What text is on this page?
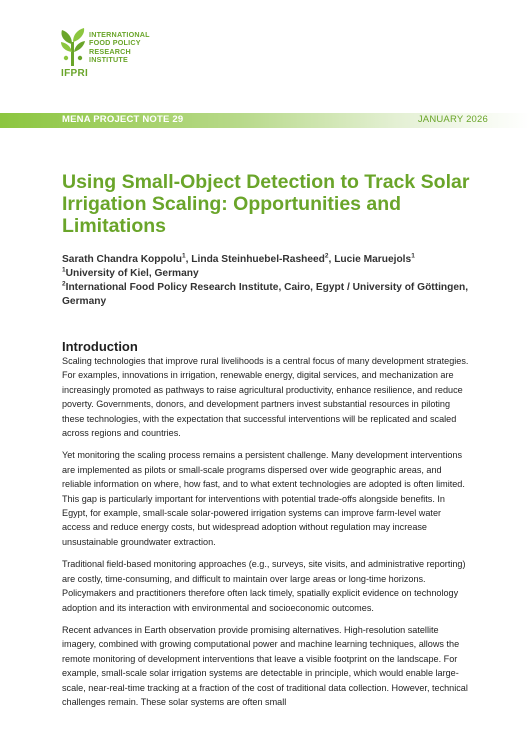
INTERNATIONAL
FOOD POLICY
RESEARCH
INSTITUTE
IFPRI
MENA PROJECT NOTE 29	JANUARY 2026
Using Small-Object Detection to Track Solar Irrigation Scaling: Opportunities and Limitations
Sarath Chandra Koppolu$^1$, Linda Steinhuebel-Rasheed$^2$, Lucie Maruejols$^1$
$^1$University of Kiel, Germany
$^2$International Food Policy Research Institute, Cairo, Egypt / University of Göttingen, Germany
Introduction

Scaling technologies that improve rural livelihoods is a central focus of many development strategies. For examples, innovations in irrigation, renewable energy, digital services, and mechanization are increasingly promoted as pathways to raise agricultural productivity, enhance resilience, and reduce poverty. Governments, donors, and development partners invest substantial resources in piloting these technologies, with the expectation that successful interventions will be replicated and scaled across regions and countries.

Yet monitoring the scaling process remains a persistent challenge. Many development interventions are implemented as pilots or small-scale programs dispersed over wide geographic areas, and reliable information on where, how fast, and to what extent technologies are adopted is often limited. This gap is particularly important for interventions with potential trade-offs alongside benefits. In Egypt, for example, small-scale solar-powered irrigation systems can improve farm-level water access and reduce energy costs, but widespread adoption without regulation may increase unsustainable groundwater extraction.

Traditional field-based monitoring approaches (e.g., surveys, site visits, and administrative reporting) are costly, time-consuming, and difficult to maintain over large areas or long-time horizons. Policymakers and practitioners therefore often lack timely, spatially explicit evidence on technology adoption and its interaction with environmental and socioeconomic outcomes.

Recent advances in Earth observation provide promising alternatives. High-resolution satellite imagery, combined with growing computational power and machine learning techniques, allows the remote monitoring of development interventions that leave a visible footprint on the landscape. For example, small-scale solar irrigation systems are detectable in principle, which would enable large-scale, near-real-time tracking at a fraction of the cost of traditional data collection. However, technical challenges remain. These solar systems are often small
